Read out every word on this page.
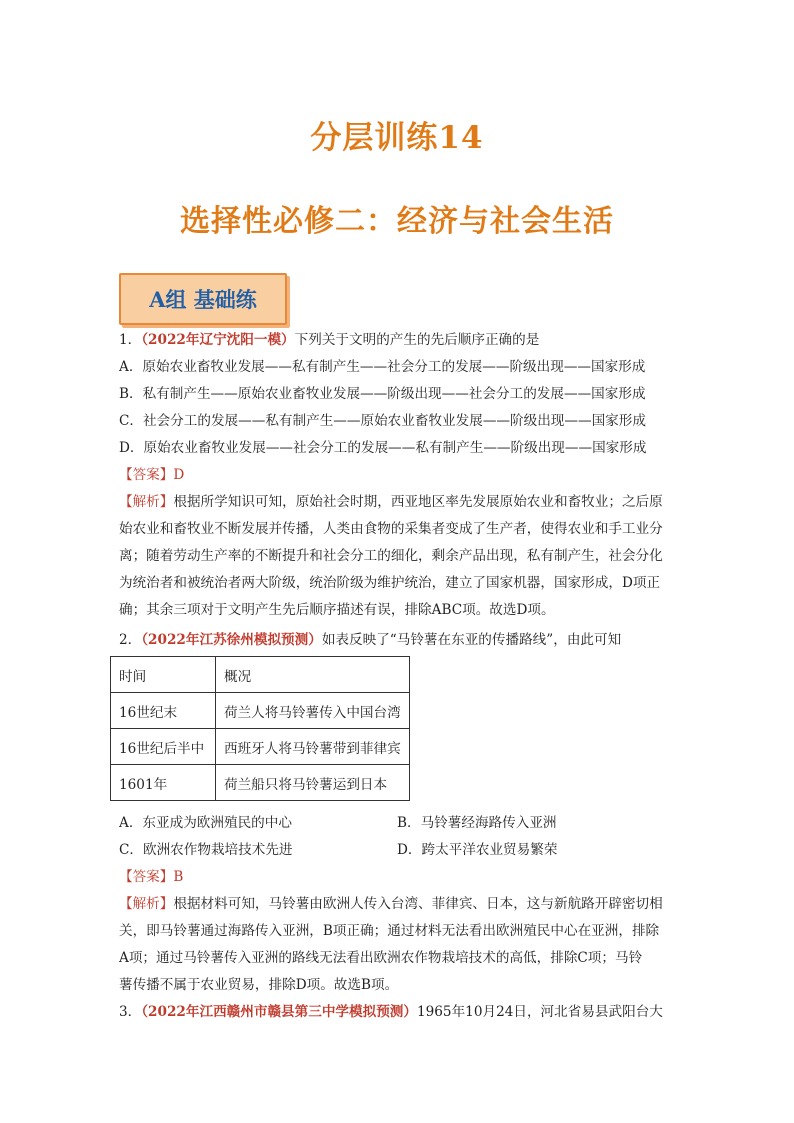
分层训练14
选择性必修二：经济与社会生活
A组 基础练
1．（2022年辽宁沈阳一模）下列关于文明的产生的先后顺序正确的是
A．原始农业畜牧业发展——私有制产生——社会分工的发展——阶级出现——国家形成
B．私有制产生——原始农业畜牧业发展——阶级出现——社会分工的发展——国家形成
C．社会分工的发展——私有制产生——原始农业畜牧业发展——阶级出现——国家形成
D．原始农业畜牧业发展——社会分工的发展——私有制产生——阶级出现——国家形成
【答案】D
【解析】根据所学知识可知，原始社会时期，西亚地区率先发展原始农业和畜牧业；之后原
始农业和畜牧业不断发展并传播，人类由食物的采集者变成了生产者，使得农业和手工业分
离；随着劳动生产率的不断提升和社会分工的细化，剩余产品出现，私有制产生，社会分化
为统治者和被统治者两大阶级，统治阶级为维护统治，建立了国家机器，国家形成，D项正
确；其余三项对于文明产生先后顺序描述有误，排除ABC项。故选D项。
2．（2022年江苏徐州模拟预测）如表反映了“马铃薯在东亚的传播路线”，由此可知
时间	概况
16世纪末	荷兰人将马铃薯传入中国台湾
16世纪后半中	西班牙人将马铃薯带到菲律宾
1601年	荷兰船只将马铃薯运到日本
A．东亚成为欧洲殖民的中心	B．马铃薯经海路传入亚洲
C．欧洲农作物栽培技术先进	D．跨太平洋农业贸易繁荣
【答案】B
【解析】根据材料可知，马铃薯由欧洲人传入台湾、菲律宾、日本，这与新航路开辟密切相
关，即马铃薯通过海路传入亚洲，B项正确；通过材料无法看出欧洲殖民中心在亚洲，排除
A项；通过马铃薯传入亚洲的路线无法看出欧洲农作物栽培技术的高低，排除C项；马铃
薯传播不属于农业贸易，排除D项。故选B项。
3．（2022年江西赣州市赣县第三中学模拟预测）1965年10月24日，河北省易县武阳台大
